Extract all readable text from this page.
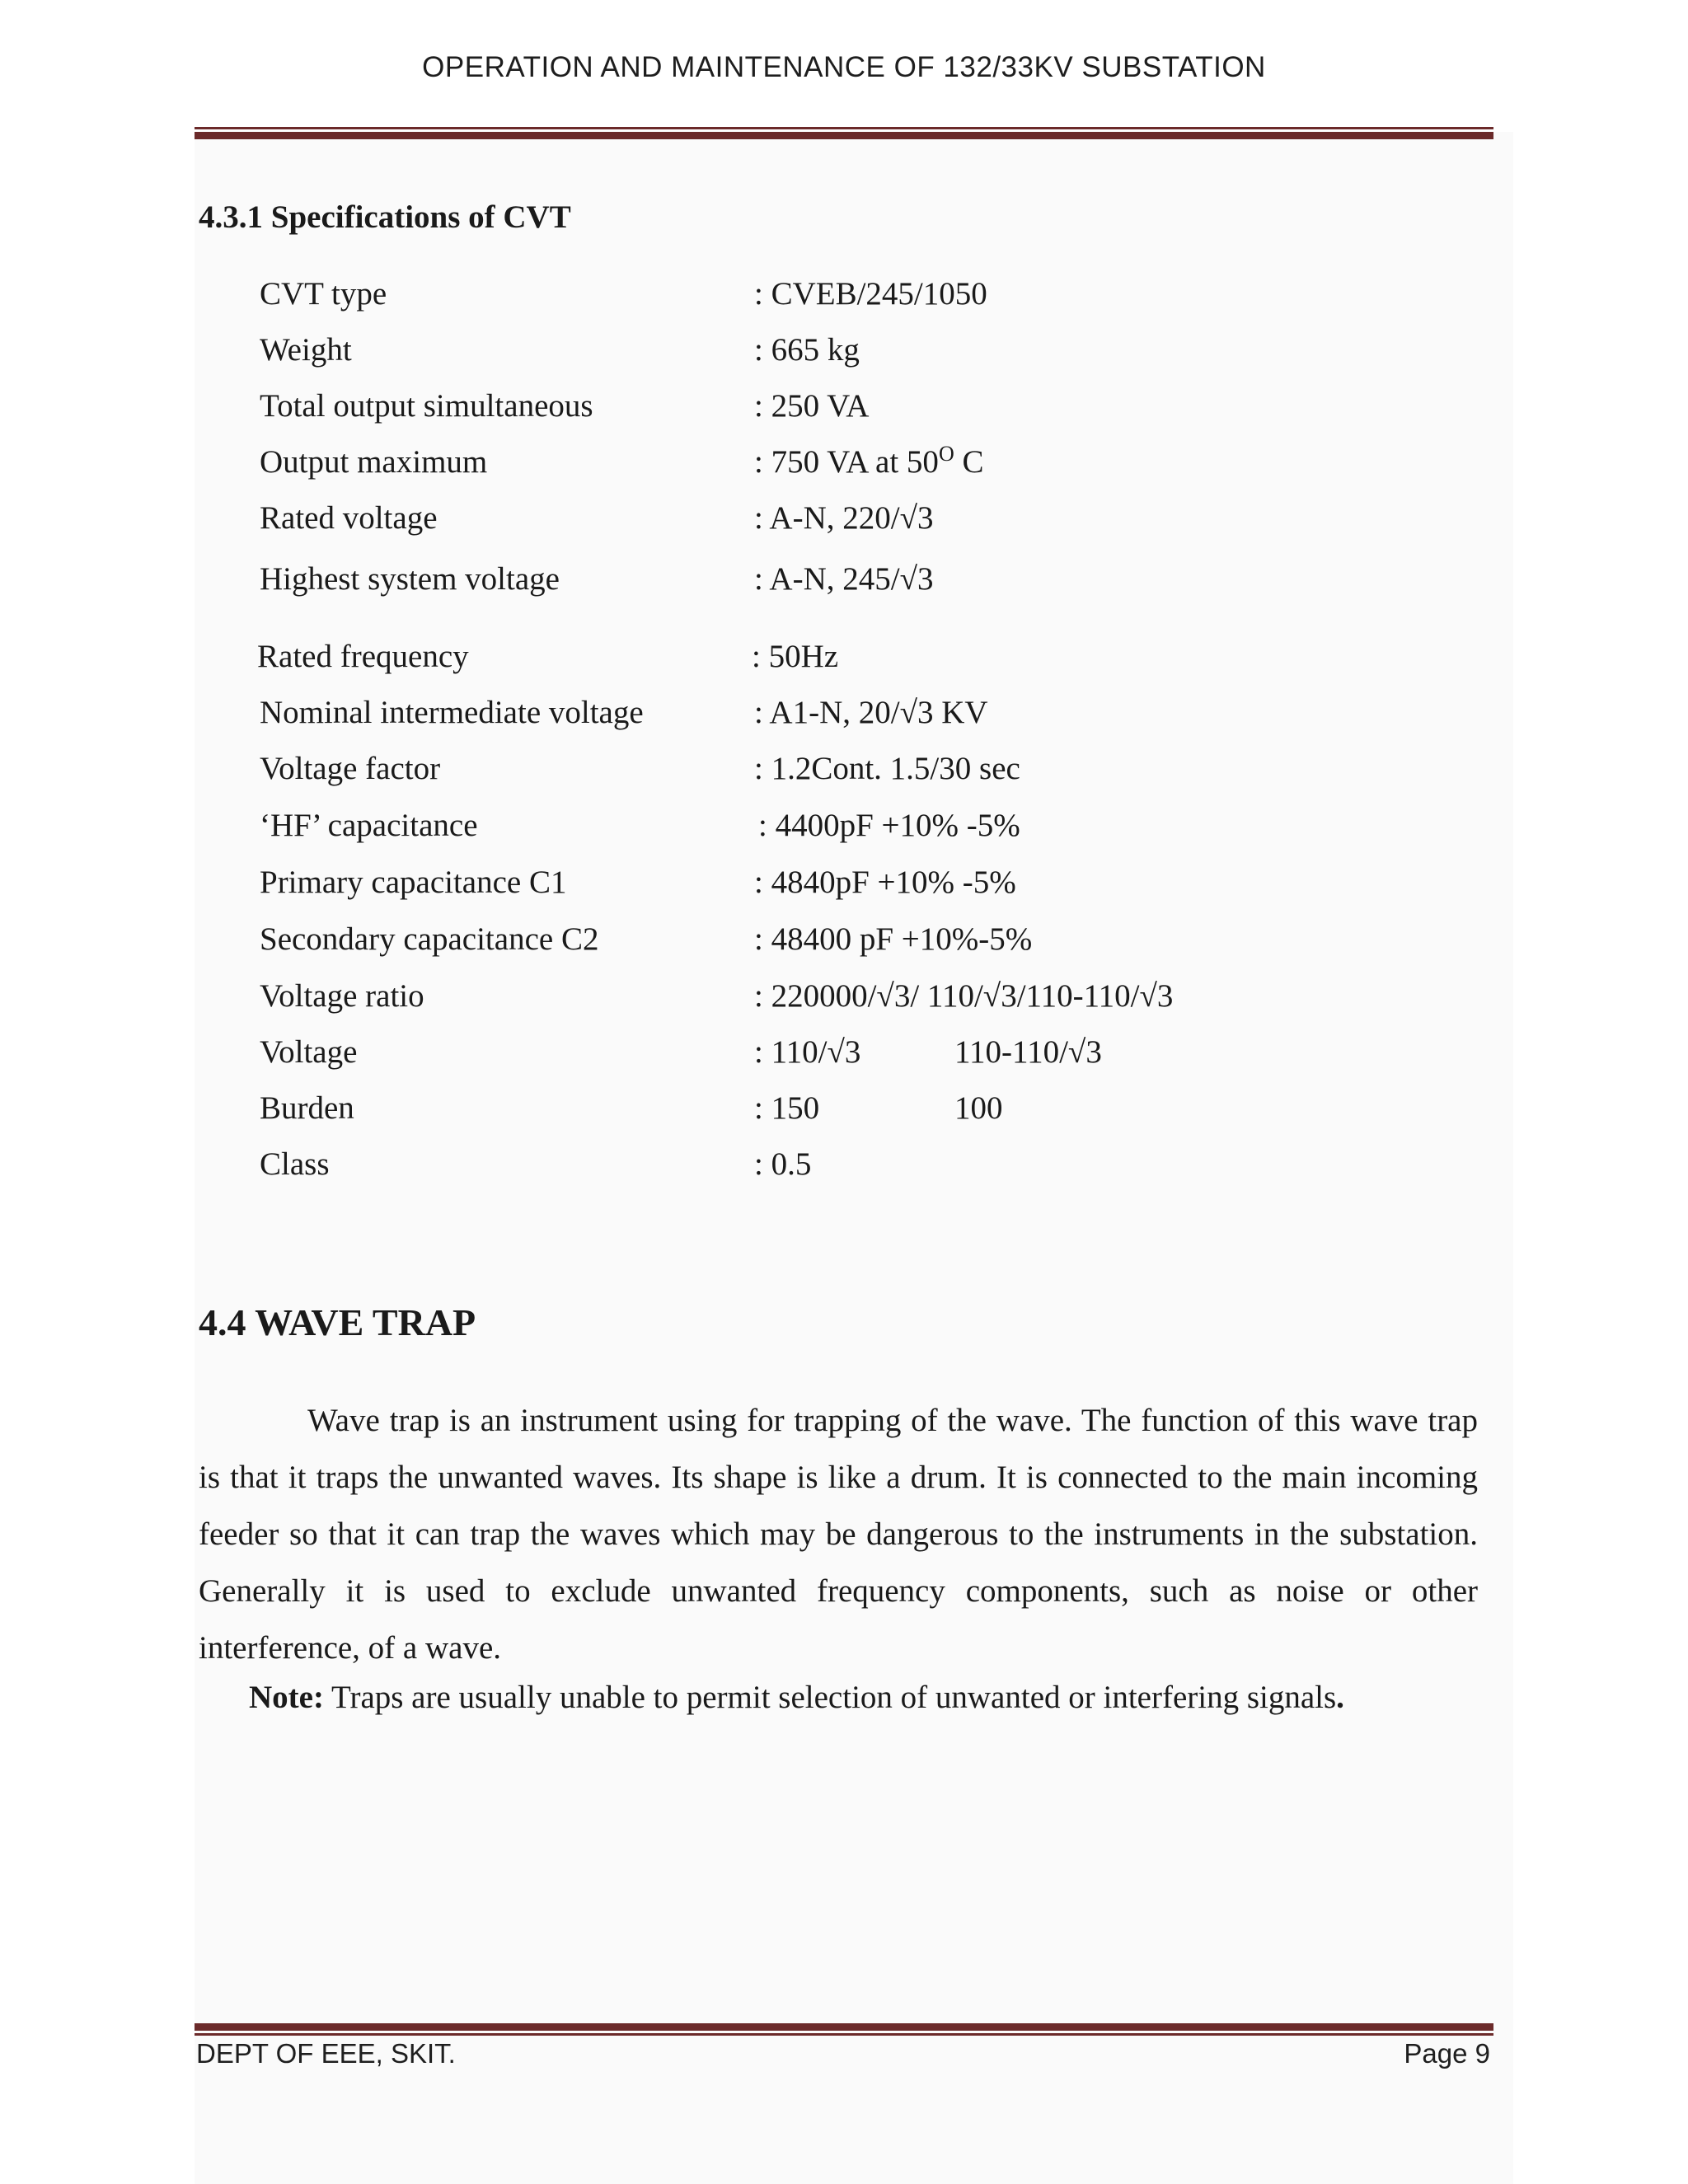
OPERATION AND MAINTENANCE OF 132/33KV SUBSTATION
4.3.1 Specifications of CVT
CVT type	: CVEB/245/1050
Weight	: 665 kg
Total output simultaneous	: 250 VA
Output maximum	: 750 VA at $50^O$ C
Rated voltage	: A-N, 220/√3
Highest system voltage	: A-N, 245/√3
Rated frequency	: 50Hz
Nominal intermediate voltage	: A1-N, 20/√3 KV
Voltage factor	: 1.2Cont. 1.5/30 sec
‘HF’ capacitance	: 4400pF +10% -5%
Primary capacitance C1	: 4840pF +10% -5%
Secondary capacitance C2	: 48400 pF +10%-5%
Voltage ratio	: 220000/√3/ 110/√3/110-110/√3
Voltage	: 110/√3	110-110/√3
Burden	: 150	100
Class	: 0.5
4.4 WAVE TRAP
Wave trap is an instrument using for trapping of the wave. The function of this wave trap is that it traps the unwanted waves. Its shape is like a drum. It is connected to the main incoming feeder so that it can trap the waves which may be dangerous to the instruments in the substation. Generally it is used to exclude unwanted frequency components, such as noise or other interference, of a wave.
Note: Traps are usually unable to permit selection of unwanted or interfering signals.
DEPT OF EEE, SKIT.	Page 9
